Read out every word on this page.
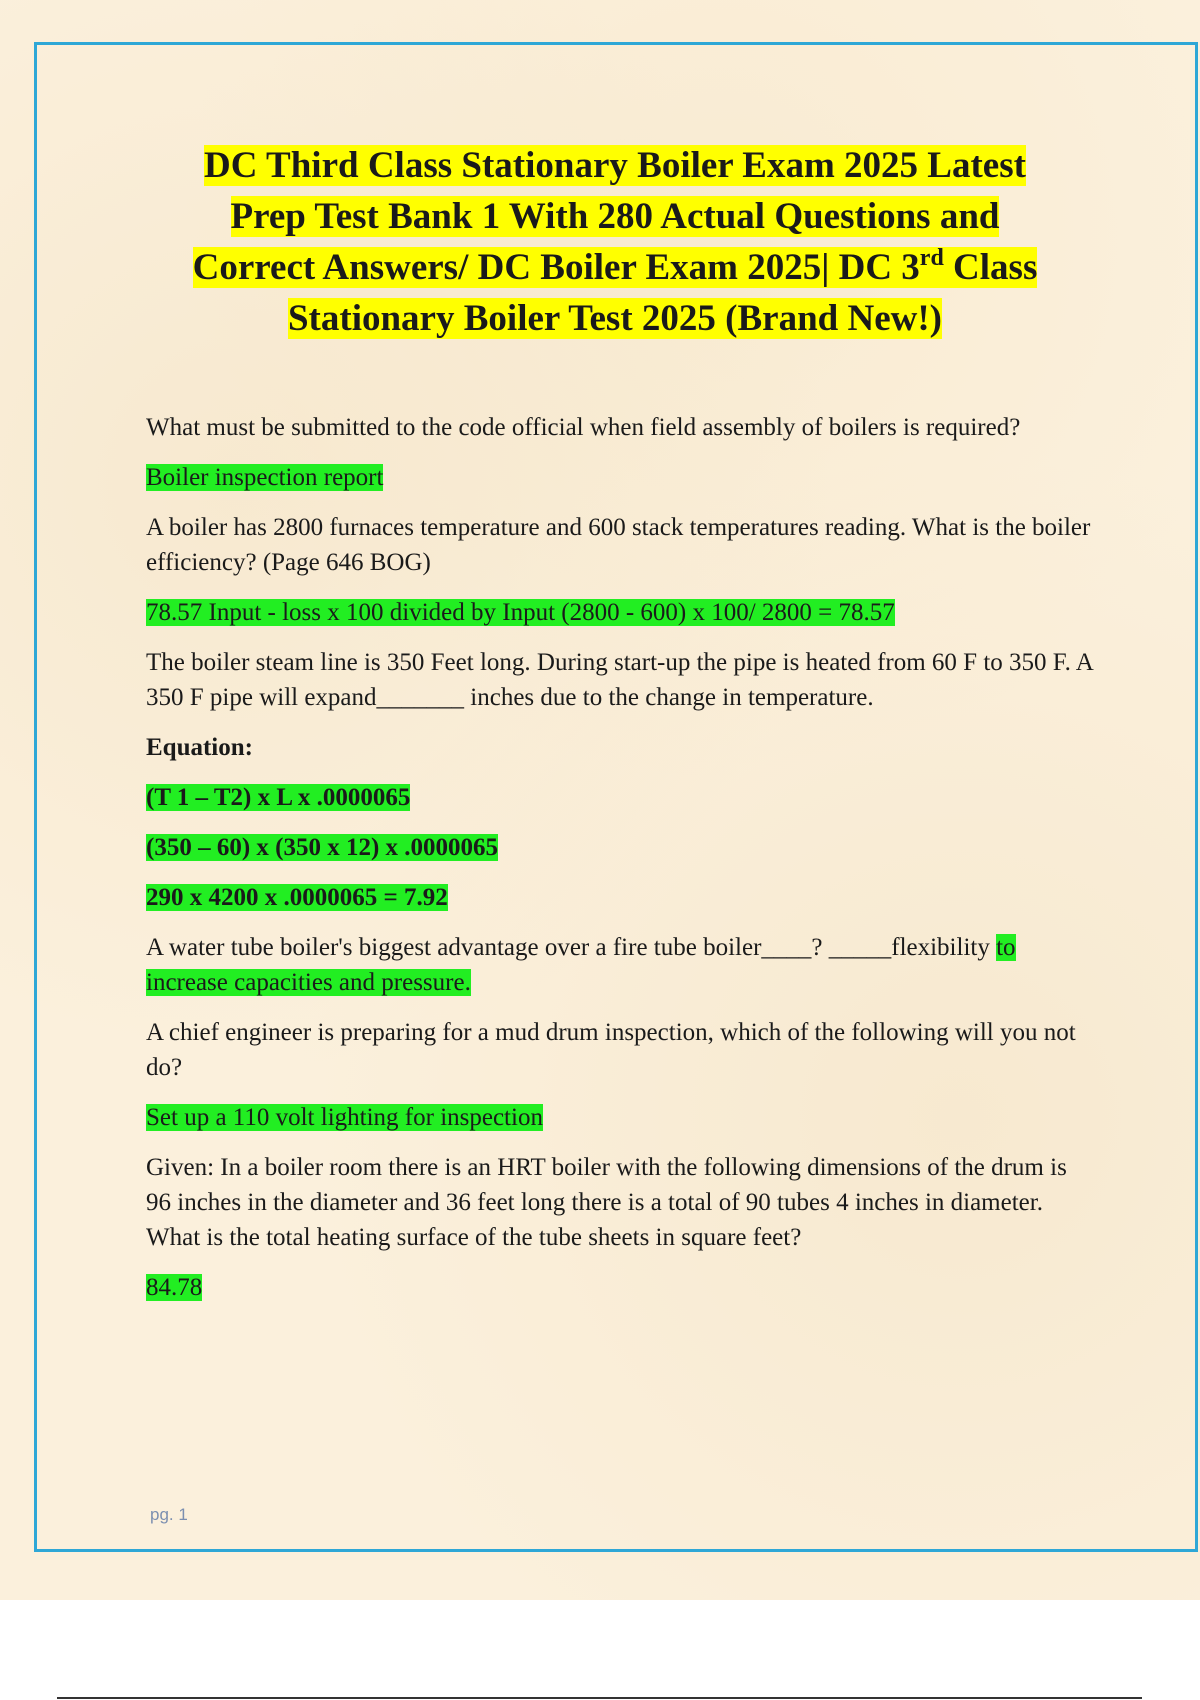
DC Third Class Stationary Boiler Exam 2025 Latest
Prep Test Bank 1 With 280 Actual Questions and
Correct Answers/ DC Boiler Exam 2025| DC 3rd Class
Stationary Boiler Test 2025 (Brand New!)

What must be submitted to the code official when field assembly of boilers is required?

Boiler inspection report

A boiler has 2800 furnaces temperature and 600 stack temperatures reading. What is the boiler efficiency? (Page 646 BOG)

78.57 Input - loss x 100 divided by Input (2800 - 600) x 100/ 2800 = 78.57

The boiler steam line is 350 Feet long. During start-up the pipe is heated from 60 F to 350 F. A 350 F pipe will expand_______ inches due to the change in temperature.

Equation:

(T 1 – T2) x L x .0000065

(350 – 60) x (350 x 12) x .0000065

290 x 4200 x .0000065 = 7.92

A water tube boiler's biggest advantage over a fire tube boiler____? _____flexibility to increase capacities and pressure.

A chief engineer is preparing for a mud drum inspection, which of the following will you not do?

Set up a 110 volt lighting for inspection

Given: In a boiler room there is an HRT boiler with the following dimensions of the drum is 96 inches in the diameter and 36 feet long there is a total of 90 tubes 4 inches in diameter. What is the total heating surface of the tube sheets in square feet?

84.78

pg. 1
